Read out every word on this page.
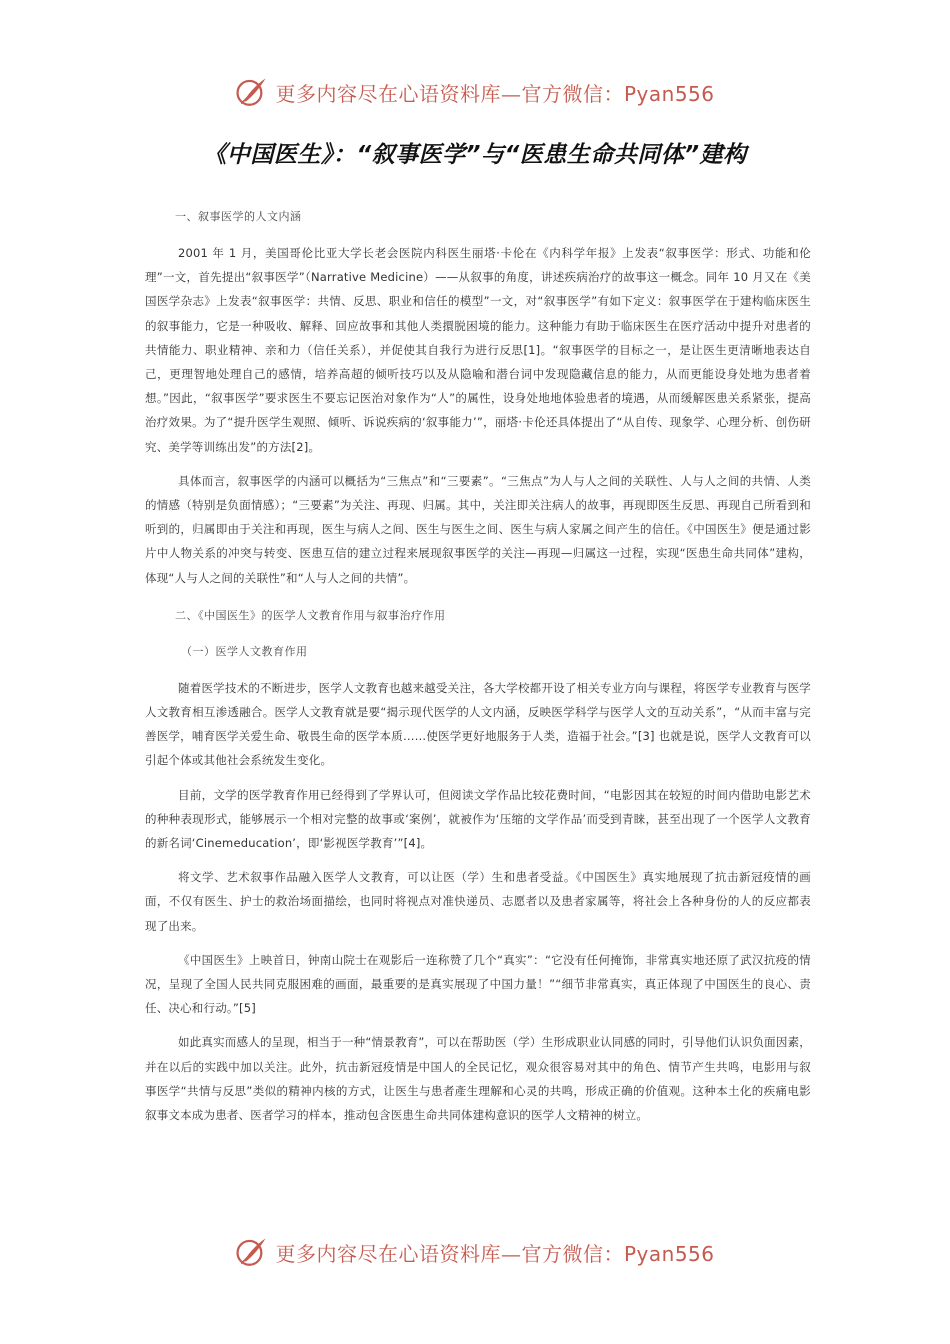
更多内容尽在心语资料库—官方微信：Pyan556
《中国医生》：“叙事医学”与“医患生命共同体”建构
一、叙事医学的人文内涵

2001 年 1 月，美国哥伦比亚大学长老会医院内科医生丽塔·卡伦在《内科学年报》上发表“叙事医学：形式、功能和伦理”一文，首先提出“叙事医学”（Narrative Medicine）——从叙事的角度，讲述疾病治疗的故事这一概念。同年 10 月又在《美国医学杂志》上发表“叙事医学：共情、反思、职业和信任的模型”一文，对“叙事医学”有如下定义：叙事医学在于建构临床医生的叙事能力，它是一种吸收、解释、回应故事和其他人类擐脱困境的能力。这种能力有助于临床医生在医疗活动中提升对患者的共情能力、职业精神、亲和力（信任关系），并促使其自我行为进行反思[1]。“叙事医学的目标之一，是让医生更清晰地表达自己，更理智地处理自己的感情，培养高超的倾听技巧以及从隐喻和潜台词中发现隐藏信息的能力，从而更能设身处地为患者着想。”因此，“叙事医学”要求医生不要忘记医治对象作为“人”的属性，设身处地地体验患者的境遇，从而缓解医患关系紧张，提高治疗效果。为了“提升医学生观照、倾听、诉说疾病的‘叙事能力’”，丽塔·卡伦还具体提出了“从自传、现象学、心理分析、创伤研究、美学等训练出发”的方法[2]。

具体而言，叙事医学的内涵可以概括为“三焦点”和“三要素”。“三焦点”为人与人之间的关联性、人与人之间的共情、人类的情感（特别是负面情感）；“三要素”为关注、再现、归属。其中，关注即关注病人的故事，再现即医生反思、再现自己所看到和听到的，归属即由于关注和再现，医生与病人之间、医生与医生之间、医生与病人家属之间产生的信任。《中国医生》便是通过影片中人物关系的冲突与转变、医患互信的建立过程来展现叙事医学的关注—再现—归属这一过程，实现“医患生命共同体”建构，体现“人与人之间的关联性”和“人与人之间的共情”。

二、《中国医生》的医学人文教育作用与叙事治疗作用
（一）医学人文教育作用

随着医学技术的不断进步，医学人文教育也越来越受关注，各大学校都开设了相关专业方向与课程，将医学专业教育与医学人文教育相互渗透融合。医学人文教育就是要“揭示现代医学的人文内涵，反映医学科学与医学人文的互动关系”，“从而丰富与完善医学，哺育医学关爱生命、敬畏生命的医学本质……使医学更好地服务于人类，造福于社会。”[3] 也就是说，医学人文教育可以引起个体或其他社会系统发生变化。

目前，文学的医学教育作用已经得到了学界认可，但阅读文学作品比较花费时间，“电影因其在较短的时间内借助电影艺术的种种表现形式，能够展示一个相对完整的故事或‘案例’，就被作为‘压缩的文学作品’而受到青睐，甚至出现了一个医学人文教育的新名词‘Cinemeducation’，即‘影视医学教育’”[4]。

将文学、艺术叙事作品融入医学人文教育，可以让医（学）生和患者受益。《中国医生》真实地展现了抗击新冠疫情的画面，不仅有医生、护士的救治场面描绘，也同时将视点对准快递员、志愿者以及患者家属等，将社会上各种身份的人的反应都表现了出来。

《中国医生》上映首日，钟南山院士在观影后一连称赞了几个“真实”：“它没有任何掩饰，非常真实地还原了武汉抗疫的情况，呈现了全国人民共同克服困难的画面，最重要的是真实展现了中国力量！”“细节非常真实，真正体现了中国医生的良心、责任、决心和行动。”[5]

如此真实而感人的呈现，相当于一种“情景教育”，可以在帮助医（学）生形成职业认同感的同时，引导他们认识负面因素，并在以后的实践中加以关注。此外，抗击新冠疫情是中国人的全民记忆，观众很容易对其中的角色、情节产生共鸣，电影用与叙事医学“共情与反思”类似的精神内核的方式，让医生与患者產生理解和心灵的共鸣，形成正确的价值观。这种本土化的疾痛电影叙事文本成为患者、医者学习的样本，推动包含医患生命共同体建构意识的医学人文精神的树立。

更多内容尽在心语资料库—官方微信：Pyan556
